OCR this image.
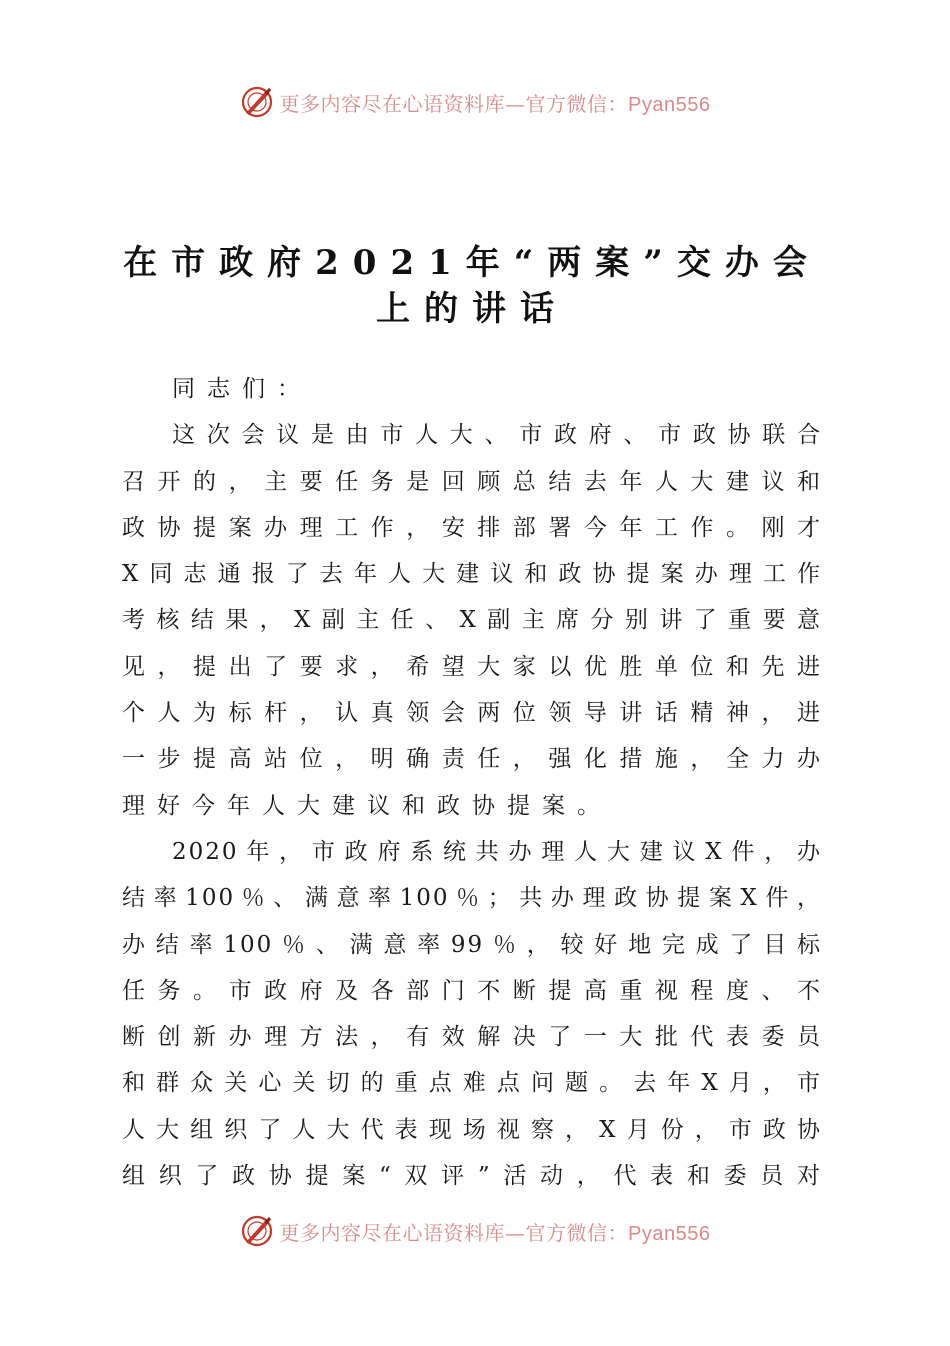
更多内容尽在心语资料库—官方微信：Pyan556
在市政府2021年“两案”交办会
上的讲话
同志们：
这次会议是由市人大、市政府、市政协联合
召开的，主要任务是回顾总结去年人大建议和
政协提案办理工作，安排部署今年工作。刚才
X同志通报了去年人大建议和政协提案办理工作
考核结果，X副主任、X副主席分别讲了重要意
见，提出了要求，希望大家以优胜单位和先进
个人为标杆，认真领会两位领导讲话精神，进
一步提高站位，明确责任，强化措施，全力办
理好今年人大建议和政协提案。
2020年，市政府系统共办理人大建议X件，办
结率100％、满意率100％；共办理政协提案X件，
办结率100％、满意率99％，较好地完成了目标
任务。市政府及各部门不断提高重视程度、不
断创新办理方法，有效解决了一大批代表委员
和群众关心关切的重点难点问题。去年X月，市
人大组织了人大代表现场视察，X月份，市政协
组织了政协提案“双评”活动，代表和委员对
更多内容尽在心语资料库—官方微信：Pyan556
